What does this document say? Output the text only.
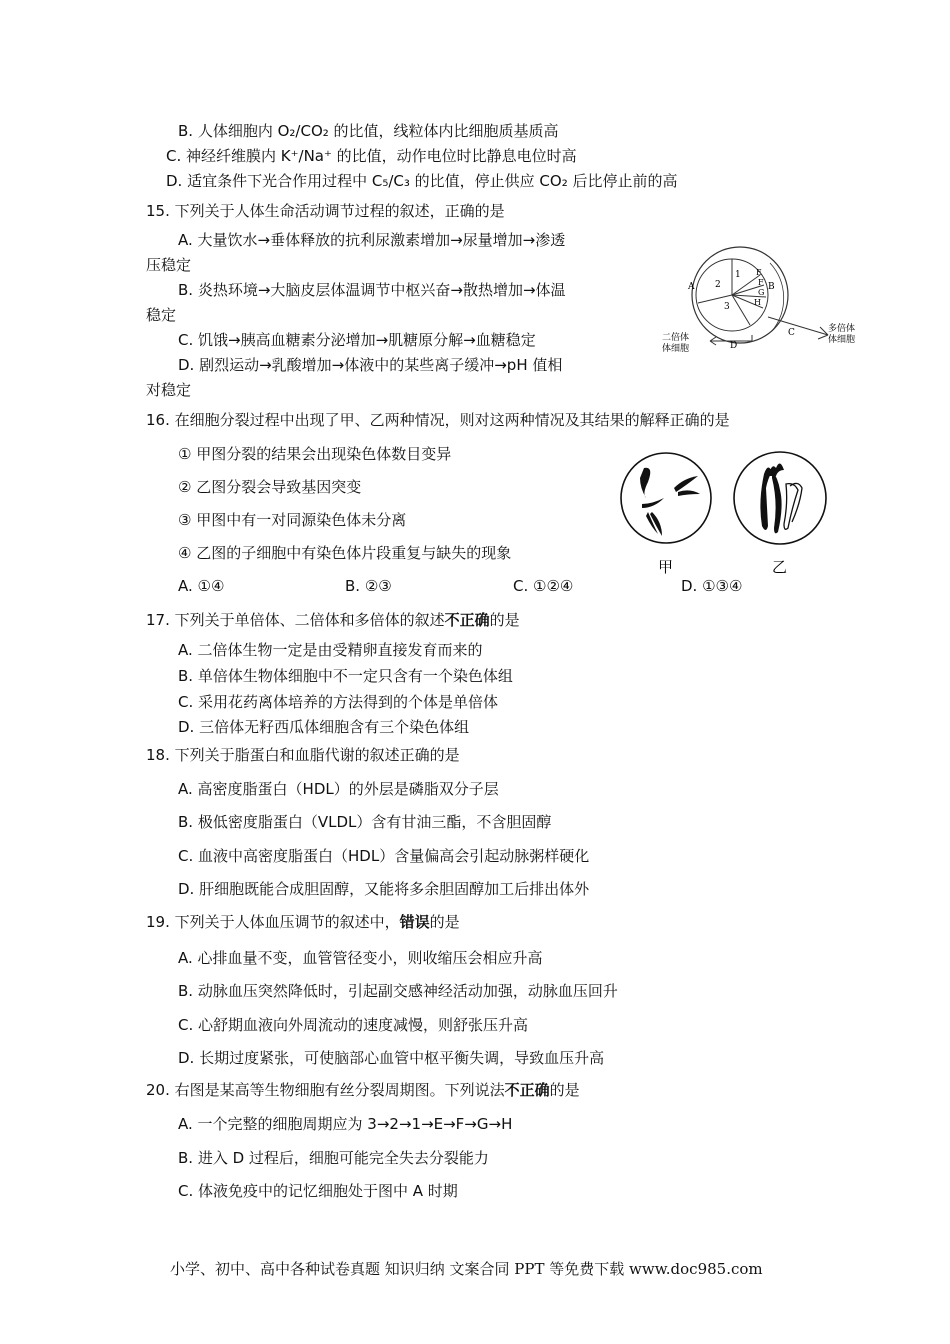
B. 人体细胞内 O₂/CO₂ 的比值，线粒体内比细胞质基质高
C. 神经纤维膜内 K⁺/Na⁺ 的比值，动作电位时比静息电位时高
D. 适宜条件下光合作用过程中 C₅/C₃ 的比值，停止供应 CO₂ 后比停止前的高
15. 下列关于人体生命活动调节过程的叙述，正确的是
A. 大量饮水→垂体释放的抗利尿激素增加→尿量增加→渗透
压稳定
B. 炎热环境→大脑皮层体温调节中枢兴奋→散热增加→体温
稳定
C. 饥饿→胰高血糖素分泌增加→肌糖原分解→血糖稳定
D. 剧烈运动→乳酸增加→体液中的某些离子缓冲→pH 值相
对稳定
1
2
3
A	B
E
F
G
H
C
D
二倍体
体细胞
多倍体
体细胞
16. 在细胞分裂过程中出现了甲、乙两种情况，则对这两种情况及其结果的解释正确的是
① 甲图分裂的结果会出现染色体数目变异
② 乙图分裂会导致基因突变
③ 甲图中有一对同源染色体未分离
④ 乙图的子细胞中有染色体片段重复与缺失的现象
A. ①④	B. ②③	C. ①②④	D. ①③④
甲	乙
17. 下列关于单倍体、二倍体和多倍体的叙述不正确的是
A. 二倍体生物一定是由受精卵直接发育而来的
B. 单倍体生物体细胞中不一定只含有一个染色体组
C. 采用花药离体培养的方法得到的个体是单倍体
D. 三倍体无籽西瓜体细胞含有三个染色体组
18. 下列关于脂蛋白和血脂代谢的叙述正确的是
A. 高密度脂蛋白（HDL）的外层是磷脂双分子层
B. 极低密度脂蛋白（VLDL）含有甘油三酯，不含胆固醇
C. 血液中高密度脂蛋白（HDL）含量偏高会引起动脉粥样硬化
D. 肝细胞既能合成胆固醇，又能将多余胆固醇加工后排出体外
19. 下列关于人体血压调节的叙述中，错误的是
A. 心排血量不变，血管管径变小，则收缩压会相应升高
B. 动脉血压突然降低时，引起副交感神经活动加强，动脉血压回升
C. 心舒期血液向外周流动的速度减慢，则舒张压升高
D. 长期过度紧张，可使脑部心血管中枢平衡失调，导致血压升高
20. 右图是某高等生物细胞有丝分裂周期图。下列说法不正确的是
A. 一个完整的细胞周期应为 3→2→1→E→F→G→H
B. 进入 D 过程后，细胞可能完全失去分裂能力
C. 体液免疫中的记忆细胞处于图中 A 时期
小学、初中、高中各种试卷真题 知识归纳 文案合同 PPT 等免费下载 www.doc985.com
